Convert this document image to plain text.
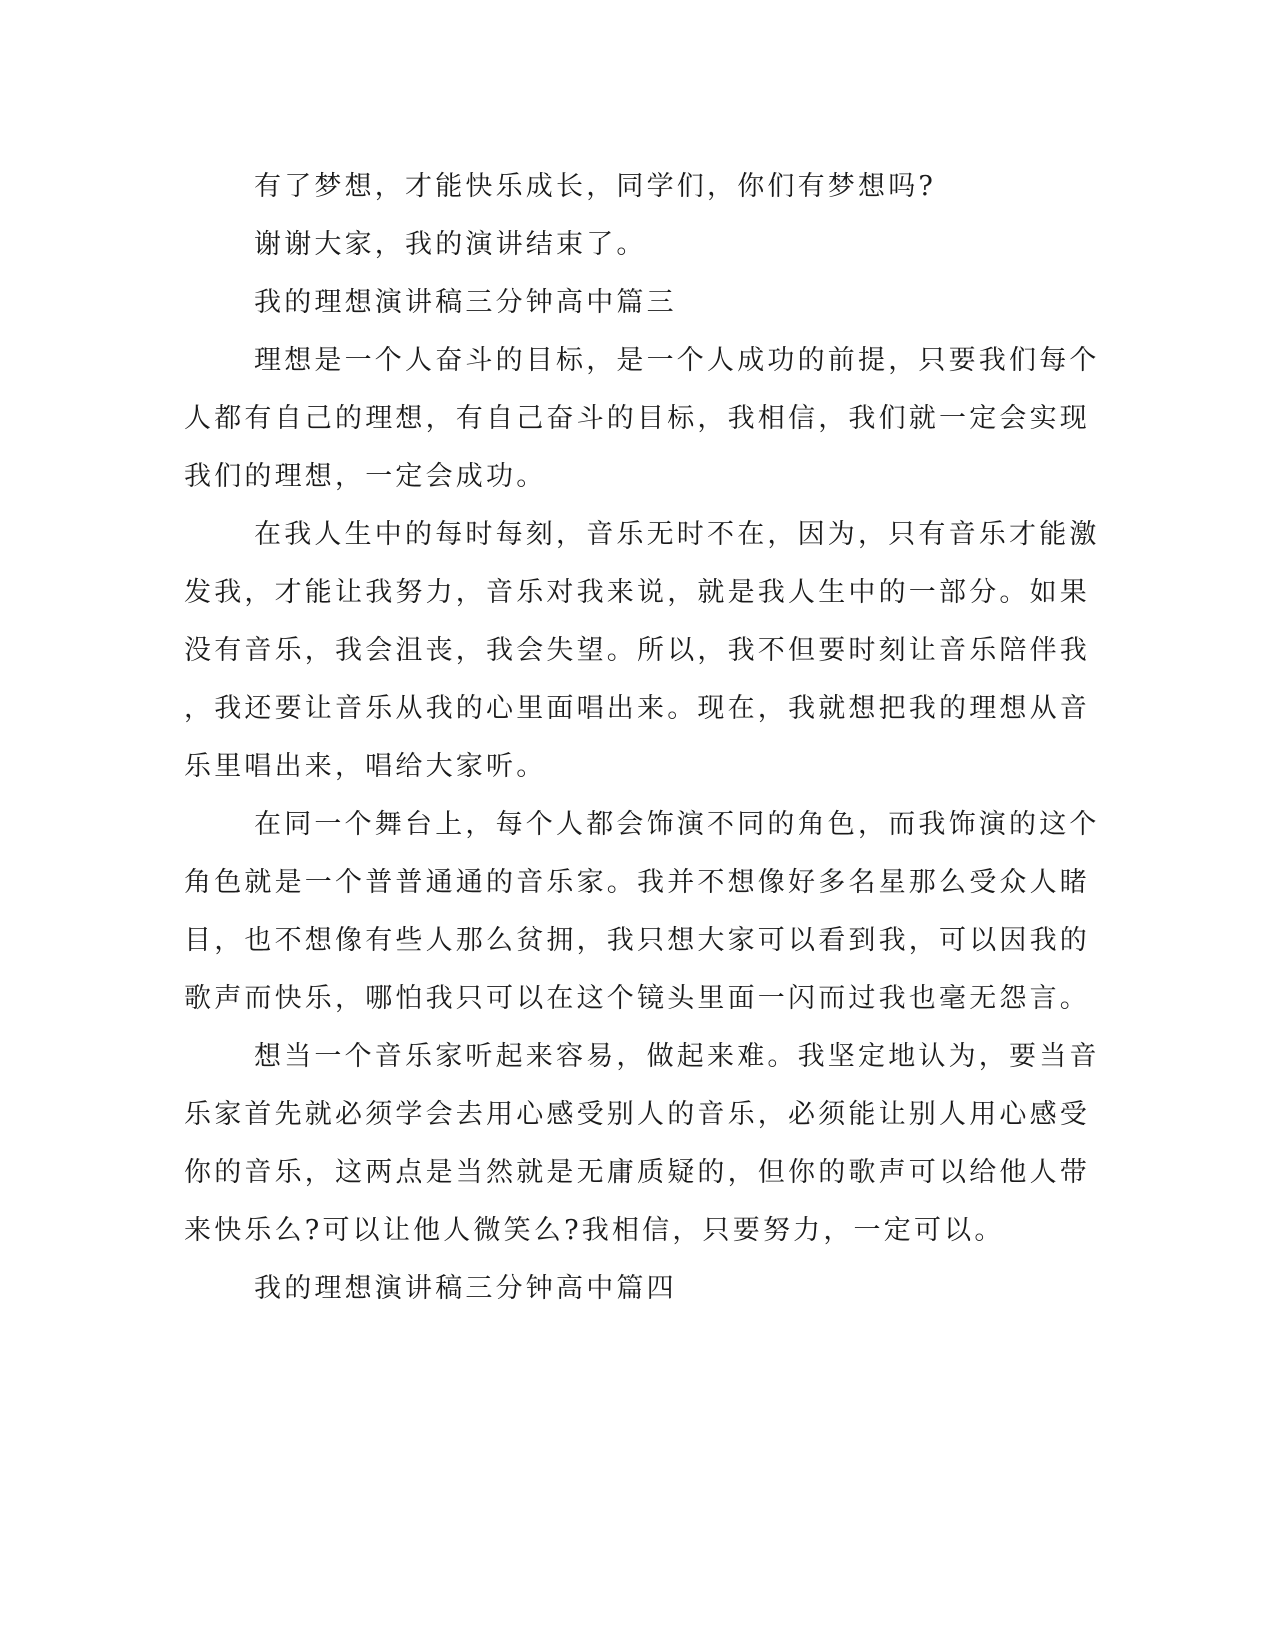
有了梦想，才能快乐成长，同学们，你们有梦想吗?
谢谢大家，我的演讲结束了。
我的理想演讲稿三分钟高中篇三
理想是一个人奋斗的目标，是一个人成功的前提，只要我们每个
人都有自己的理想，有自己奋斗的目标，我相信，我们就一定会实现
我们的理想，一定会成功。
在我人生中的每时每刻，音乐无时不在，因为，只有音乐才能激
发我，才能让我努力，音乐对我来说，就是我人生中的一部分。如果
没有音乐，我会沮丧，我会失望。所以，我不但要时刻让音乐陪伴我
，我还要让音乐从我的心里面唱出来。现在，我就想把我的理想从音
乐里唱出来，唱给大家听。
在同一个舞台上，每个人都会饰演不同的角色，而我饰演的这个
角色就是一个普普通通的音乐家。我并不想像好多名星那么受众人睹
目，也不想像有些人那么贫拥，我只想大家可以看到我，可以因我的
歌声而快乐，哪怕我只可以在这个镜头里面一闪而过我也毫无怨言。
想当一个音乐家听起来容易，做起来难。我坚定地认为，要当音
乐家首先就必须学会去用心感受别人的音乐，必须能让别人用心感受
你的音乐，这两点是当然就是无庸质疑的，但你的歌声可以给他人带
来快乐么?可以让他人微笑么?我相信，只要努力，一定可以。
我的理想演讲稿三分钟高中篇四
